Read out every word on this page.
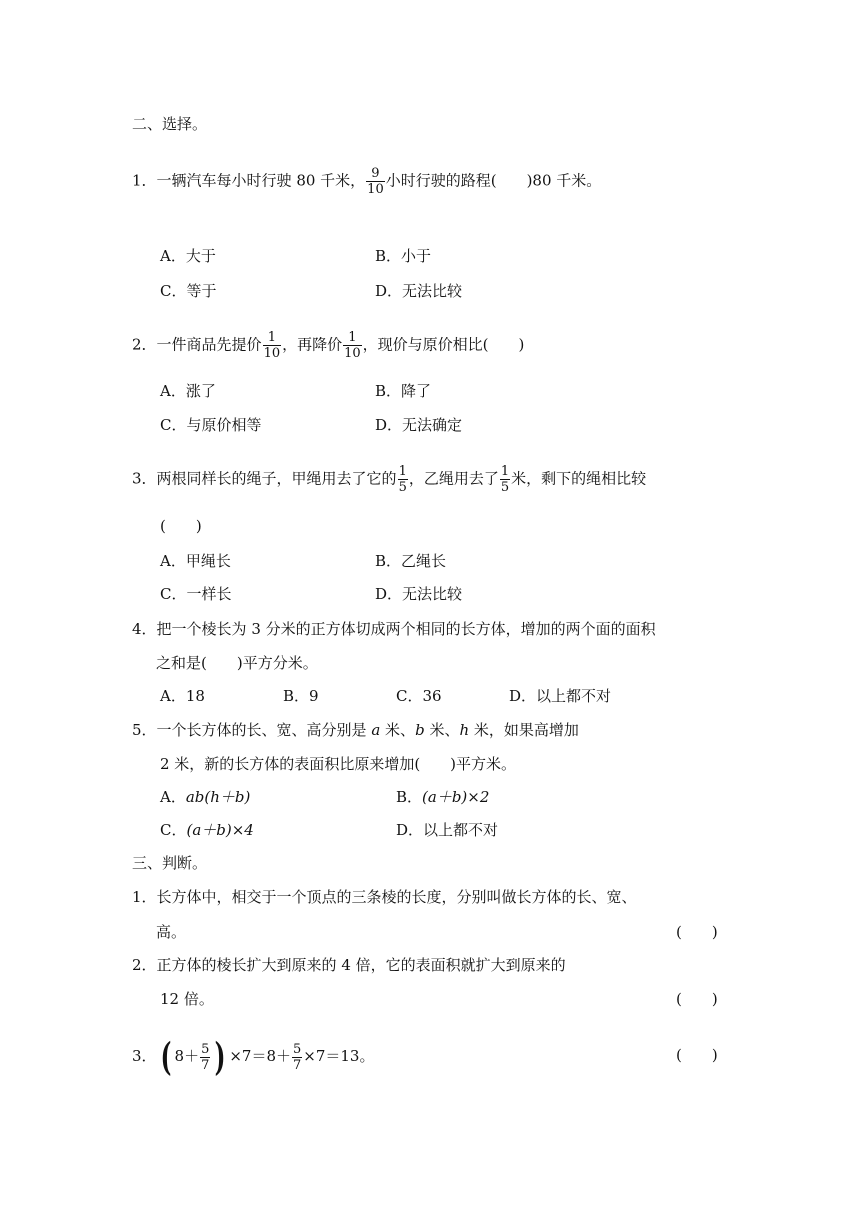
二、选择。
1．一辆汽车每小时行驶 80 千米， $\frac{9}{10}$ 小时行驶的路程( )80 千米。
A．大于	B．小于
C．等于	D．无法比较
2．一件商品先提价 $\frac{1}{10}$ ，再降价 $\frac{1}{10}$ ，现价与原价相比( )
A．涨了	B．降了
C．与原价相等	D．无法确定
3．两根同样长的绳子，甲绳用去了它的 $\frac{1}{5}$ ，乙绳用去了 $\frac{1}{5}$ 米，剩下的绳相比较
(　　)
A．甲绳长	B．乙绳长
C．一样长	D．无法比较
4．把一个棱长为 3 分米的正方体切成两个相同的长方体，增加的两个面的面积
之和是(　　)平方分米。
A．18	B．9	C．36	D．以上都不对
5．一个长方体的长、宽、高分别是 a 米、b 米、h 米，如果高增加
2 米，新的长方体的表面积比原来增加(　　)平方米。
A．ab(h＋b)	B．(a＋b)×2
C．(a＋b)×4	D．以上都不对
三、判断。
1．长方体中，相交于一个顶点的三条棱的长度，分别叫做长方体的长、宽、
高。	(　　)
2．正方体的棱长扩大到原来的 4 倍，它的表面积就扩大到原来的
12 倍。	(　　)
3．( $8+ \frac{5}{7}$ ) $\times 7=8+ \frac{5}{7} \times 7=13$。	(　　)
